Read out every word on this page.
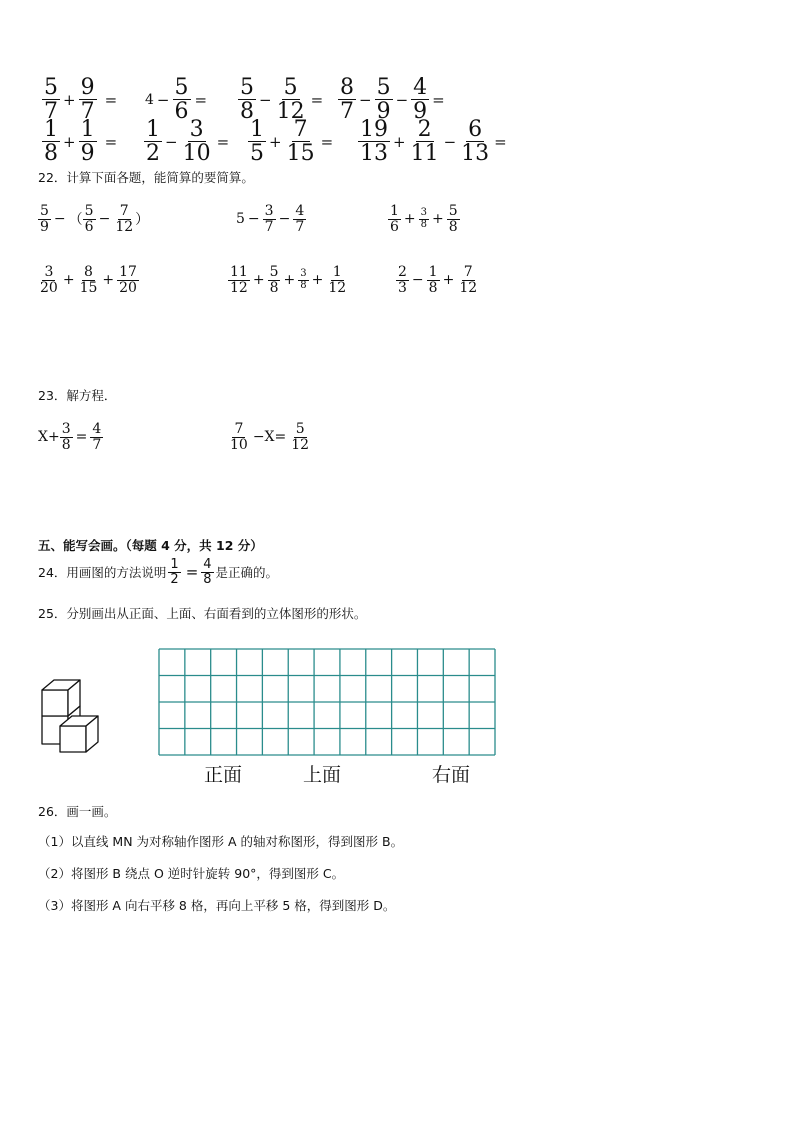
$\frac{5}{7} + \frac{9}{7} = 4 - \frac{5}{6} = \frac{5}{8} - \frac{5}{12} = \frac{8}{7} - \frac{5}{9} - \frac{4}{9}$ =
$\frac{1}{8} + \frac{1}{9} = \frac{1}{2} - \frac{3}{10} = \frac{1}{5} + \frac{7}{15} = \frac{19}{13} + \frac{2}{11} - \frac{6}{13}$ =
22．计算下面各题，能简算的要简算。
$\frac{5}{9}$ − （ $\frac{5}{6} - \frac{7}{12}$ ）	$5 - \frac{3}{7} - \frac{4}{7}$	$\frac{1}{6} + \frac{3}{8} + \frac{5}{8}$
$\frac{3}{20} + \frac{8}{15} + \frac{17}{20}$	$\frac{11}{12} + \frac{5}{8} + \frac{3}{8} + \frac{1}{12}$	$\frac{2}{3} - \frac{1}{8} + \frac{7}{12}$
23．解方程．
$X+ \frac{3}{8} = \frac{4}{7}$	$\frac{7}{10} -X= \frac{5}{12}$
五、能写会画。（每题 4 分，共 12 分）
24．用画图的方法说明 $\frac{1}{2} = \frac{4}{8}$ 是正确的。
25．分别画出从正面、上面、右面看到的立体图形的形状。
正面	上面	右面
26．画一画。
（1）以直线 MN 为对称轴作图形 A 的轴对称图形，得到图形 B。
（2）将图形 B 绕点 O 逆时针旋转 90°，得到图形 C。
（3）将图形 A 向右平移 8 格，再向上平移 5 格，得到图形 D。
